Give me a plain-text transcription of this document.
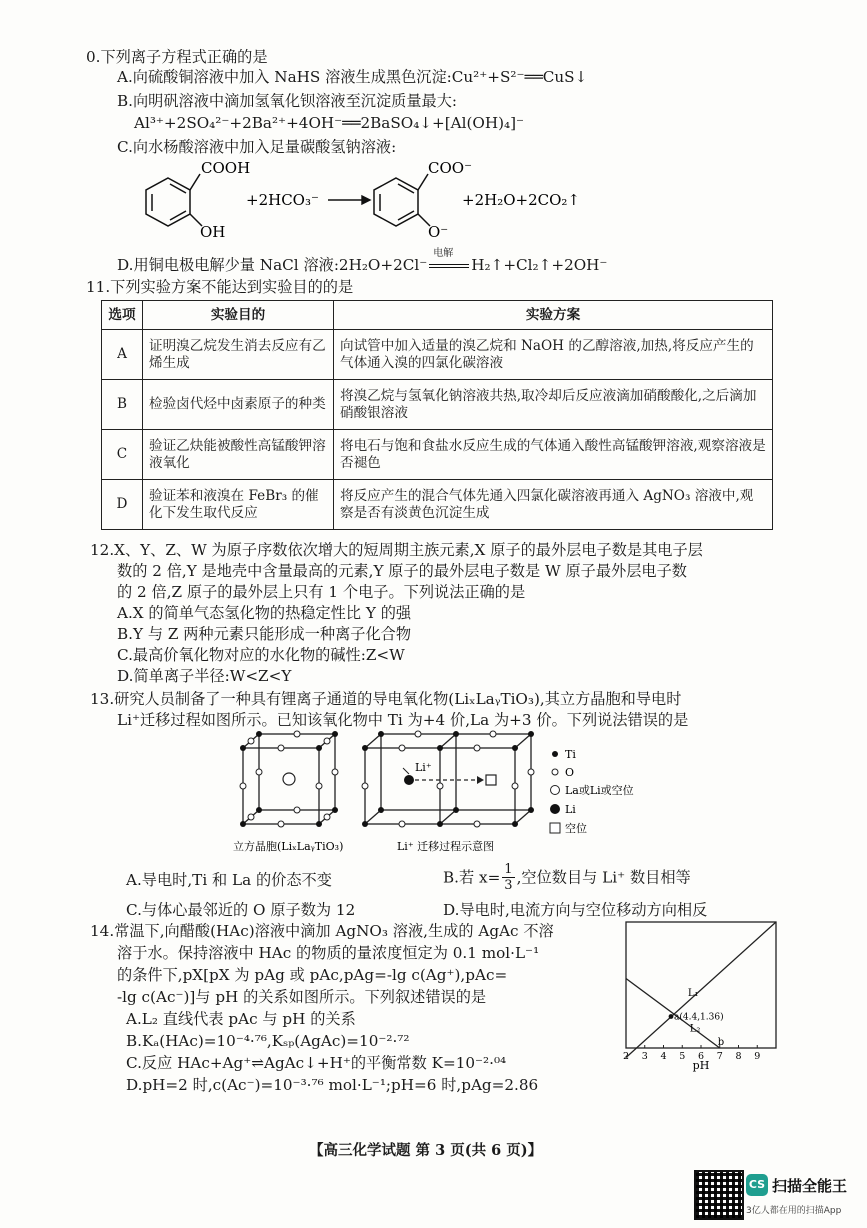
0.下列离子方程式正确的是
A.向硫酸铜溶液中加入 NaHS 溶液生成黑色沉淀:Cu²⁺+S²⁻══CuS↓
B.向明矾溶液中滴加氢氧化钡溶液至沉淀质量最大:
Al³⁺+2SO₄²⁻+2Ba²⁺+4OH⁻══2BaSO₄↓+[Al(OH)₄]⁻
C.向水杨酸溶液中加入足量碳酸氢钠溶液:
COOH
OH
+2HCO₃⁻
COO⁻
O⁻
+2H₂O+2CO₂↑
D.用铜电极电解少量 NaCl 溶液:2H₂O+2Cl⁻
电解
H₂↑+Cl₂↑+2OH⁻
11.下列实验方案不能达到实验目的的是
选项	实验目的	实验方案
A	证明溴乙烷发生消去反应有乙烯生成	向试管中加入适量的溴乙烷和 NaOH 的乙醇溶液,加热,将反应产生的气体通入溴的四氯化碳溶液
B	检验卤代烃中卤素原子的种类	将溴乙烷与氢氧化钠溶液共热,取冷却后反应液滴加硝酸酸化,之后滴加硝酸银溶液
C	验证乙炔能被酸性高锰酸钾溶液氧化	将电石与饱和食盐水反应生成的气体通入酸性高锰酸钾溶液,观察溶液是否褪色
D	验证苯和液溴在 FeBr₃ 的催化下发生取代反应	将反应产生的混合气体先通入四氯化碳溶液再通入 AgNO₃ 溶液中,观察是否有淡黄色沉淀生成
12.X、Y、Z、W 为原子序数依次增大的短周期主族元素,X 原子的最外层电子数是其电子层
数的 2 倍,Y 是地壳中含量最高的元素,Y 原子的最外层电子数是 W 原子最外层电子数
的 2 倍,Z 原子的最外层上只有 1 个电子。下列说法正确的是
A.X 的简单气态氢化物的热稳定性比 Y 的强
B.Y 与 Z 两种元素只能形成一种离子化合物
C.最高价氧化物对应的水化物的碱性:Z<W
D.简单离子半径:W<Z<Y
13.研究人员制备了一种具有锂离子通道的导电氧化物(LiₓLaᵧTiO₃),其立方晶胞和导电时
Li⁺迁移过程如图所示。已知该氧化物中 Ti 为+4 价,La 为+3 价。下列说法错误的是
Li⁺
Ti
O
La或Li或空位
Li
空位
立方晶胞(LiₓLaᵧTiO₃)	Li⁺ 迁移过程示意图
A.导电时,Ti 和 La 的价态不变	B.若 $x= \frac{1}{3}$ ,空位数目与 Li⁺ 数目相等
C.与体心最邻近的 O 原子数为 12	D.导电时,电流方向与空位移动方向相反
14.常温下,向醋酸(HAc)溶液中滴加 AgNO₃ 溶液,生成的 AgAc 不溶
溶于水。保持溶液中 HAc 的物质的量浓度恒定为 0.1 mol·L⁻¹
的条件下,pX[pX 为 pAg 或 pAc,pAg=-lg c(Ag⁺),pAc=
-lg c(Ac⁻)]与 pH 的关系如图所示。下列叙述错误的是
A.L₂ 直线代表 pAc 与 pH 的关系
B.Kₐ(HAc)=10⁻⁴·⁷⁶,Kₛₚ(AgAc)=10⁻²·⁷²
C.反应 HAc+Ag⁺⇌AgAc↓+H⁺的平衡常数 K=10⁻²·⁰⁴
D.pH=2 时,c(Ac⁻)=10⁻³·⁷⁶ mol·L⁻¹;pH=6 时,pAg=2.86
L₁
L₂
a(4.4,1.36)
b
2 3 4 5 6 7 8 9
pH
【高三化学试题 第 3 页(共 6 页)】
CS 扫描全能王
3亿人都在用的扫描App
